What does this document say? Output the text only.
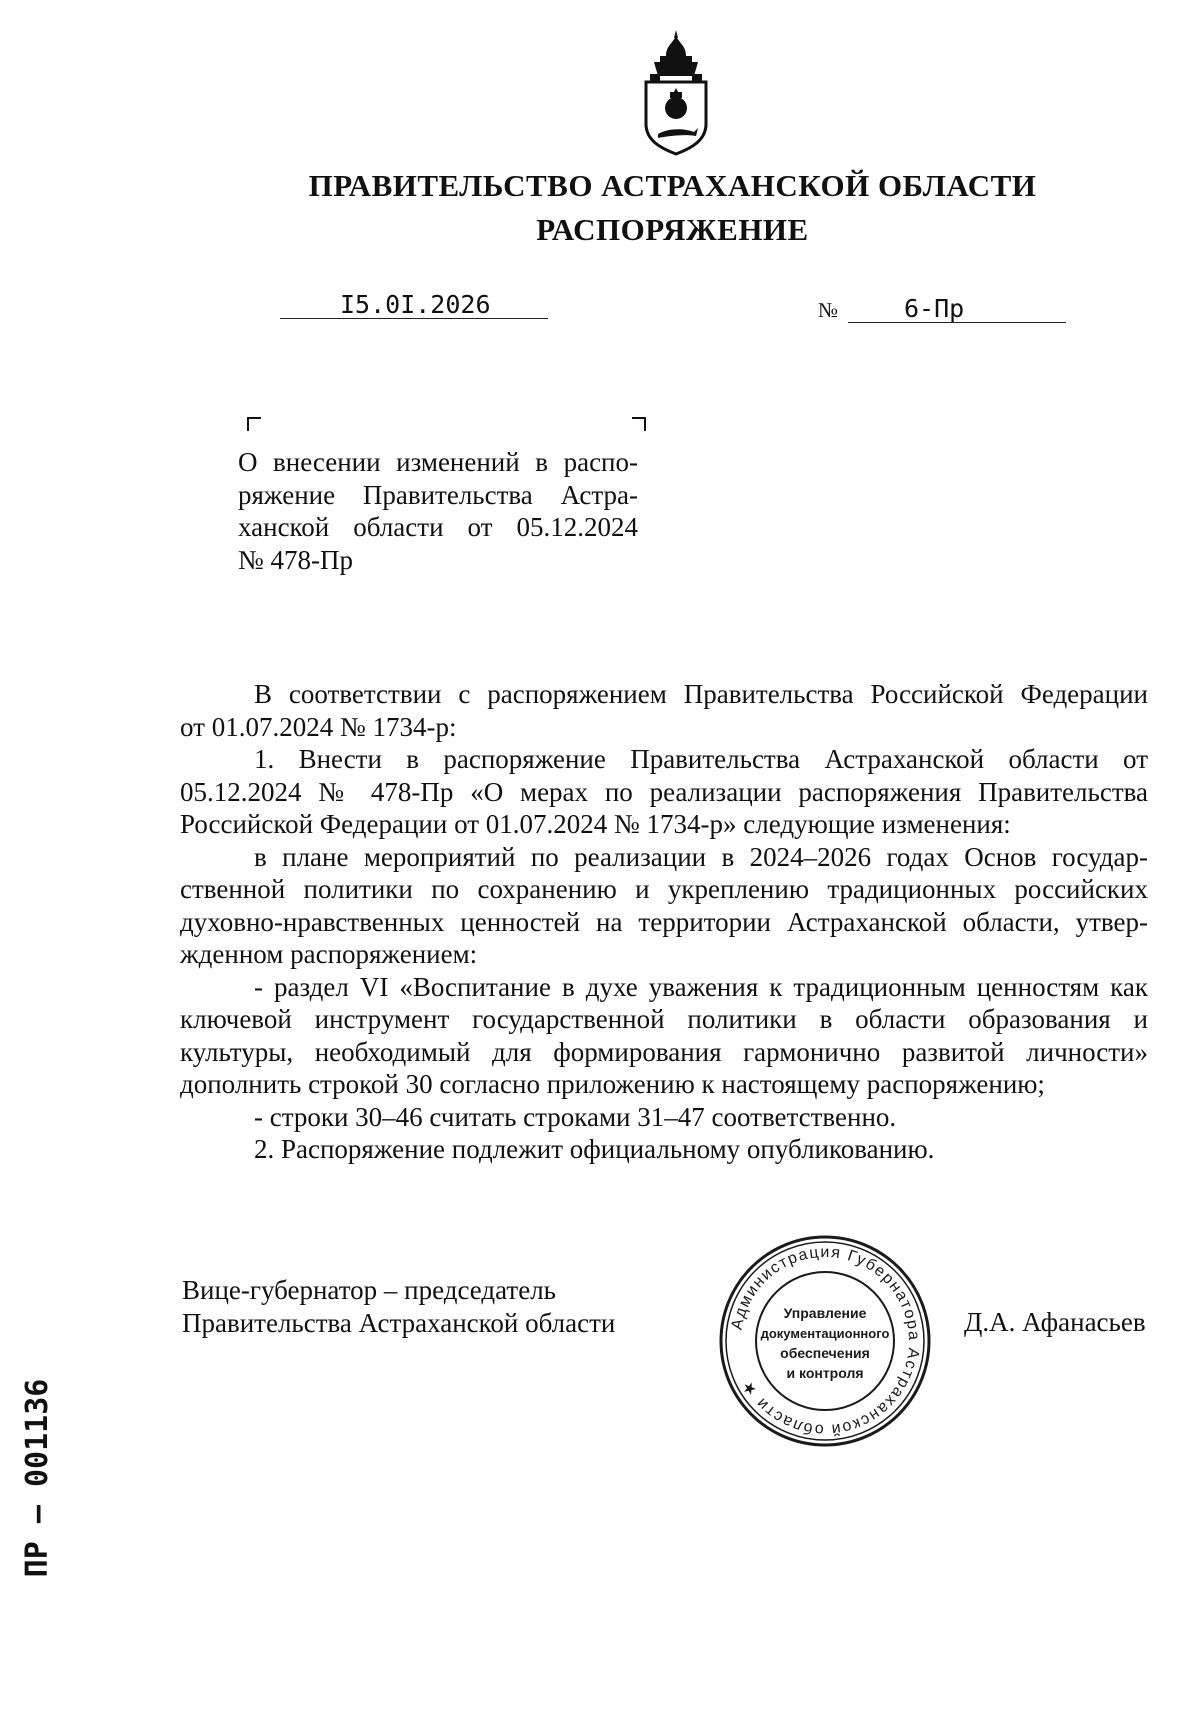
ПРАВИТЕЛЬСТВО АСТРАХАНСКОЙ ОБЛАСТИ
РАСПОРЯЖЕНИЕ
I5.0I.2026	№	6-Пр
О внесении изменений в распо-
ряжение Правительства Астра-
ханской области от 05.12.2024
№ 478-Пр
В соответствии с распоряжением Правительства Российской Федерации
от 01.07.2024 № 1734-р:
1. Внести в распоряжение Правительства Астраханской области от
05.12.2024 № 478-Пр «О мерах по реализации распоряжения Правительства
Российской Федерации от 01.07.2024 № 1734-р» следующие изменения:
в плане мероприятий по реализации в 2024–2026 годах Основ государ-
ственной политики по сохранению и укреплению традиционных российских
духовно-нравственных ценностей на территории Астраханской области, утвер-
жденном распоряжением:
- раздел VI «Воспитание в духе уважения к традиционным ценностям как
ключевой инструмент государственной политики в области образования и
культуры, необходимый для формирования гармонично развитой личности»
дополнить строкой 30 согласно приложению к настоящему распоряжению;
- строки 30–46 считать строками 31–47 соответственно.
2. Распоряжение подлежит официальному опубликованию.
Вице-губернатор – председатель
Правительства Астраханской области	Д.А. Афанасьев
Администрация Губернатора Астраханской области ★
Управление
документационного
обеспечения
и контроля
ПР – 001136
